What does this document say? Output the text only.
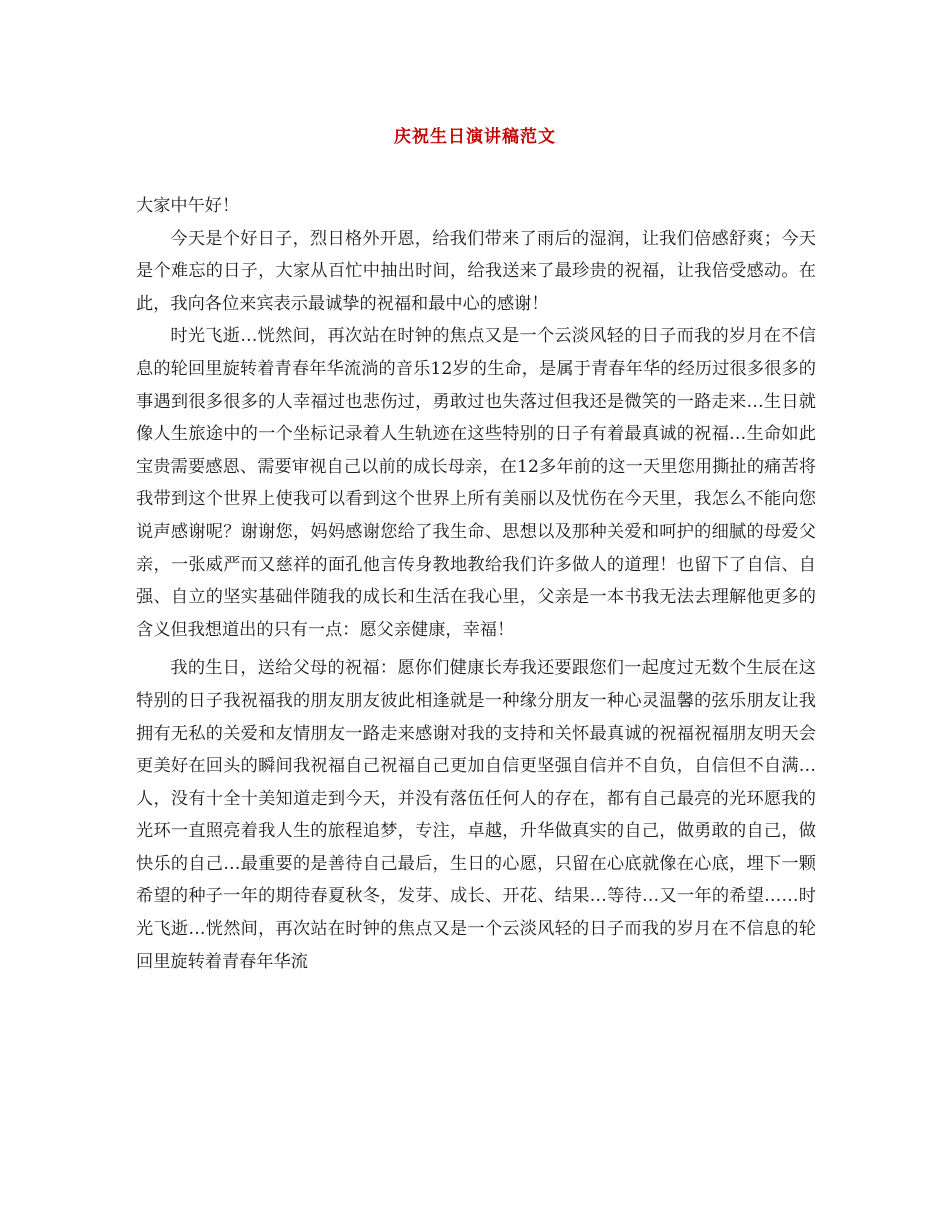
庆祝生日演讲稿范文

大家中午好！

今天是个好日子，烈日格外开恩，给我们带来了雨后的湿润，让我们倍感舒爽；今天是个难忘的日子，大家从百忙中抽出时间，给我送来了最珍贵的祝福，让我倍受感动。在此，我向各位来宾表示最诚挚的祝福和最中心的感谢！

时光飞逝…恍然间，再次站在时钟的焦点又是一个云淡风轻的日子而我的岁月在不信息的轮回里旋转着青春年华流淌的音乐12岁的生命，是属于青春年华的经历过很多很多的事遇到很多很多的人幸福过也悲伤过，勇敢过也失落过但我还是微笑的一路走来…生日就像人生旅途中的一个坐标记录着人生轨迹在这些特别的日子有着最真诚的祝福…生命如此宝贵需要感恩、需要审视自己以前的成长母亲，在12多年前的这一天里您用撕扯的痛苦将我带到这个世界上使我可以看到这个世界上所有美丽以及忧伤在今天里，我怎么不能向您说声感谢呢？谢谢您，妈妈感谢您给了我生命、思想以及那种关爱和呵护的细腻的母爱父亲，一张威严而又慈祥的面孔他言传身教地教给我们许多做人的道理！也留下了自信、自强、自立的坚实基础伴随我的成长和生活在我心里，父亲是一本书我无法去理解他更多的含义但我想道出的只有一点：愿父亲健康，幸福！

我的生日，送给父母的祝福：愿你们健康长寿我还要跟您们一起度过无数个生辰在这特别的日子我祝福我的朋友朋友彼此相逢就是一种缘分朋友一种心灵温馨的弦乐朋友让我拥有无私的关爱和友情朋友一路走来感谢对我的支持和关怀最真诚的祝福祝福朋友明天会更美好在回头的瞬间我祝福自己祝福自己更加自信更坚强自信并不自负，自信但不自满…人，没有十全十美知道走到今天，并没有落伍任何人的存在，都有自己最亮的光环愿我的光环一直照亮着我人生的旅程追梦，专注，卓越，升华做真实的自己，做勇敢的自己，做快乐的自己…最重要的是善待自己最后，生日的心愿，只留在心底就像在心底，埋下一颗希望的种子一年的期待春夏秋冬，发芽、成长、开花、结果…等待…又一年的希望……时光飞逝…恍然间，再次站在时钟的焦点又是一个云淡风轻的日子而我的岁月在不信息的轮回里旋转着青春年华流
